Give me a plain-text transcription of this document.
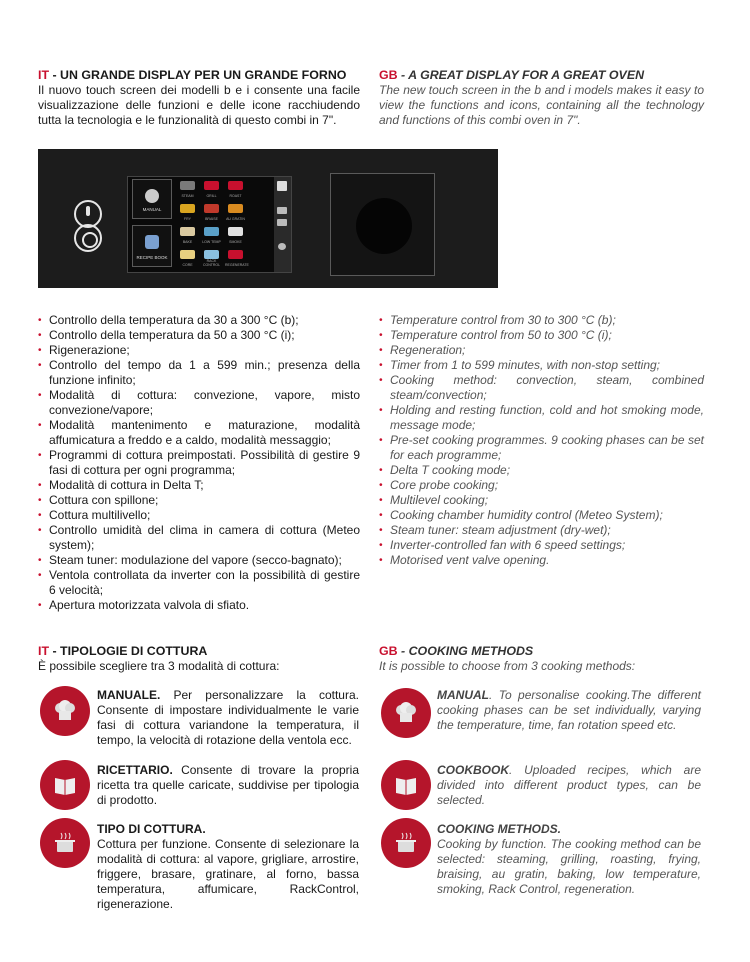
IT - UN GRANDE DISPLAY PER UN GRANDE FORNO
Il nuovo touch screen dei modelli b e i consente una facile visualizzazione delle funzioni e delle icone racchiudendo tutta la tecnologia e le funzionalità di questo combi in 7".
GB - A GREAT DISPLAY FOR A GREAT OVEN
The new touch screen in the b and i models makes it easy to view the functions and icons, containing all the technology and functions of this combi oven in 7".
MANUAL
RECIPE BOOK
STEAM	GRILL	ROAST
FRY	BRAISE	AU GRATIN
BAKE	LOW TEMP	SMOKE
CORE
RACK CONTROL	REGENERATE
• Controllo della temperatura da 30 a 300 °C (b);
• Controllo della temperatura da 50 a 300 °C (i);
• Rigenerazione;
• Controllo del tempo da 1 a 599 min.; presenza della funzione infinito;
• Modalità di cottura: convezione, vapore, misto convezione/vapore;
• Modalità mantenimento e maturazione, modalità affumicatura a freddo e a caldo, modalità messaggio;
• Programmi di cottura preimpostati. Possibilità di gestire 9 fasi di cottura per ogni programma;
• Modalità di cottura in Delta T;
• Cottura con spillone;
• Cottura multilivello;
• Controllo umidità del clima in camera di cottura (Meteo system);
• Steam tuner: modulazione del vapore (secco-bagnato);
• Ventola controllata da inverter con la possibilità di gestire 6 velocità;
• Apertura motorizzata valvola di sfiato.
• Temperature control from 30 to 300 °C (b);
• Temperature control from 50 to 300 °C (i);
• Regeneration;
• Timer from 1 to 599 minutes, with non-stop setting;
• Cooking method: convection, steam, combined steam/convection;
• Holding and resting function, cold and hot smoking mode, message mode;
• Pre-set cooking programmes. 9 cooking phases can be set for each programme;
• Delta T cooking mode;
• Core probe cooking;
• Multilevel cooking;
• Cooking chamber humidity control (Meteo System);
• Steam tuner: steam adjustment (dry-wet);
• Inverter-controlled fan with 6 speed settings;
• Motorised vent valve opening.
IT - TIPOLOGIE DI COTTURA
È possibile scegliere tra 3 modalità di cottura:
GB - COOKING METHODS
It is possible to choose from 3 cooking methods:
MANUALE. Per personalizzare la cottura. Consente di impostare individualmente le varie fasi di cottura variandone la temperatura, il tempo, la velocità di rotazione della ventola ecc.
RICETTARIO. Consente di trovare la propria ricetta tra quelle caricate, suddivise per tipologia di prodotto.
TIPO DI COTTURA.
Cottura per funzione. Consente di selezionare la modalità di cottura: al vapore, grigliare, arrostire, friggere, brasare, gratinare, al forno, bassa temperatura, affumicare, RackControl, rigenerazione.
MANUAL. To personalise cooking.The different cooking phases can be set individually, varying the temperature, time, fan rotation speed etc.
COOKBOOK. Uploaded recipes, which are divided into different product types, can be selected.
COOKING METHODS.
Cooking by function. The cooking method can be selected: steaming, grilling, roasting, frying, braising, au gratin, baking, low temperature, smoking, Rack Control, regeneration.
